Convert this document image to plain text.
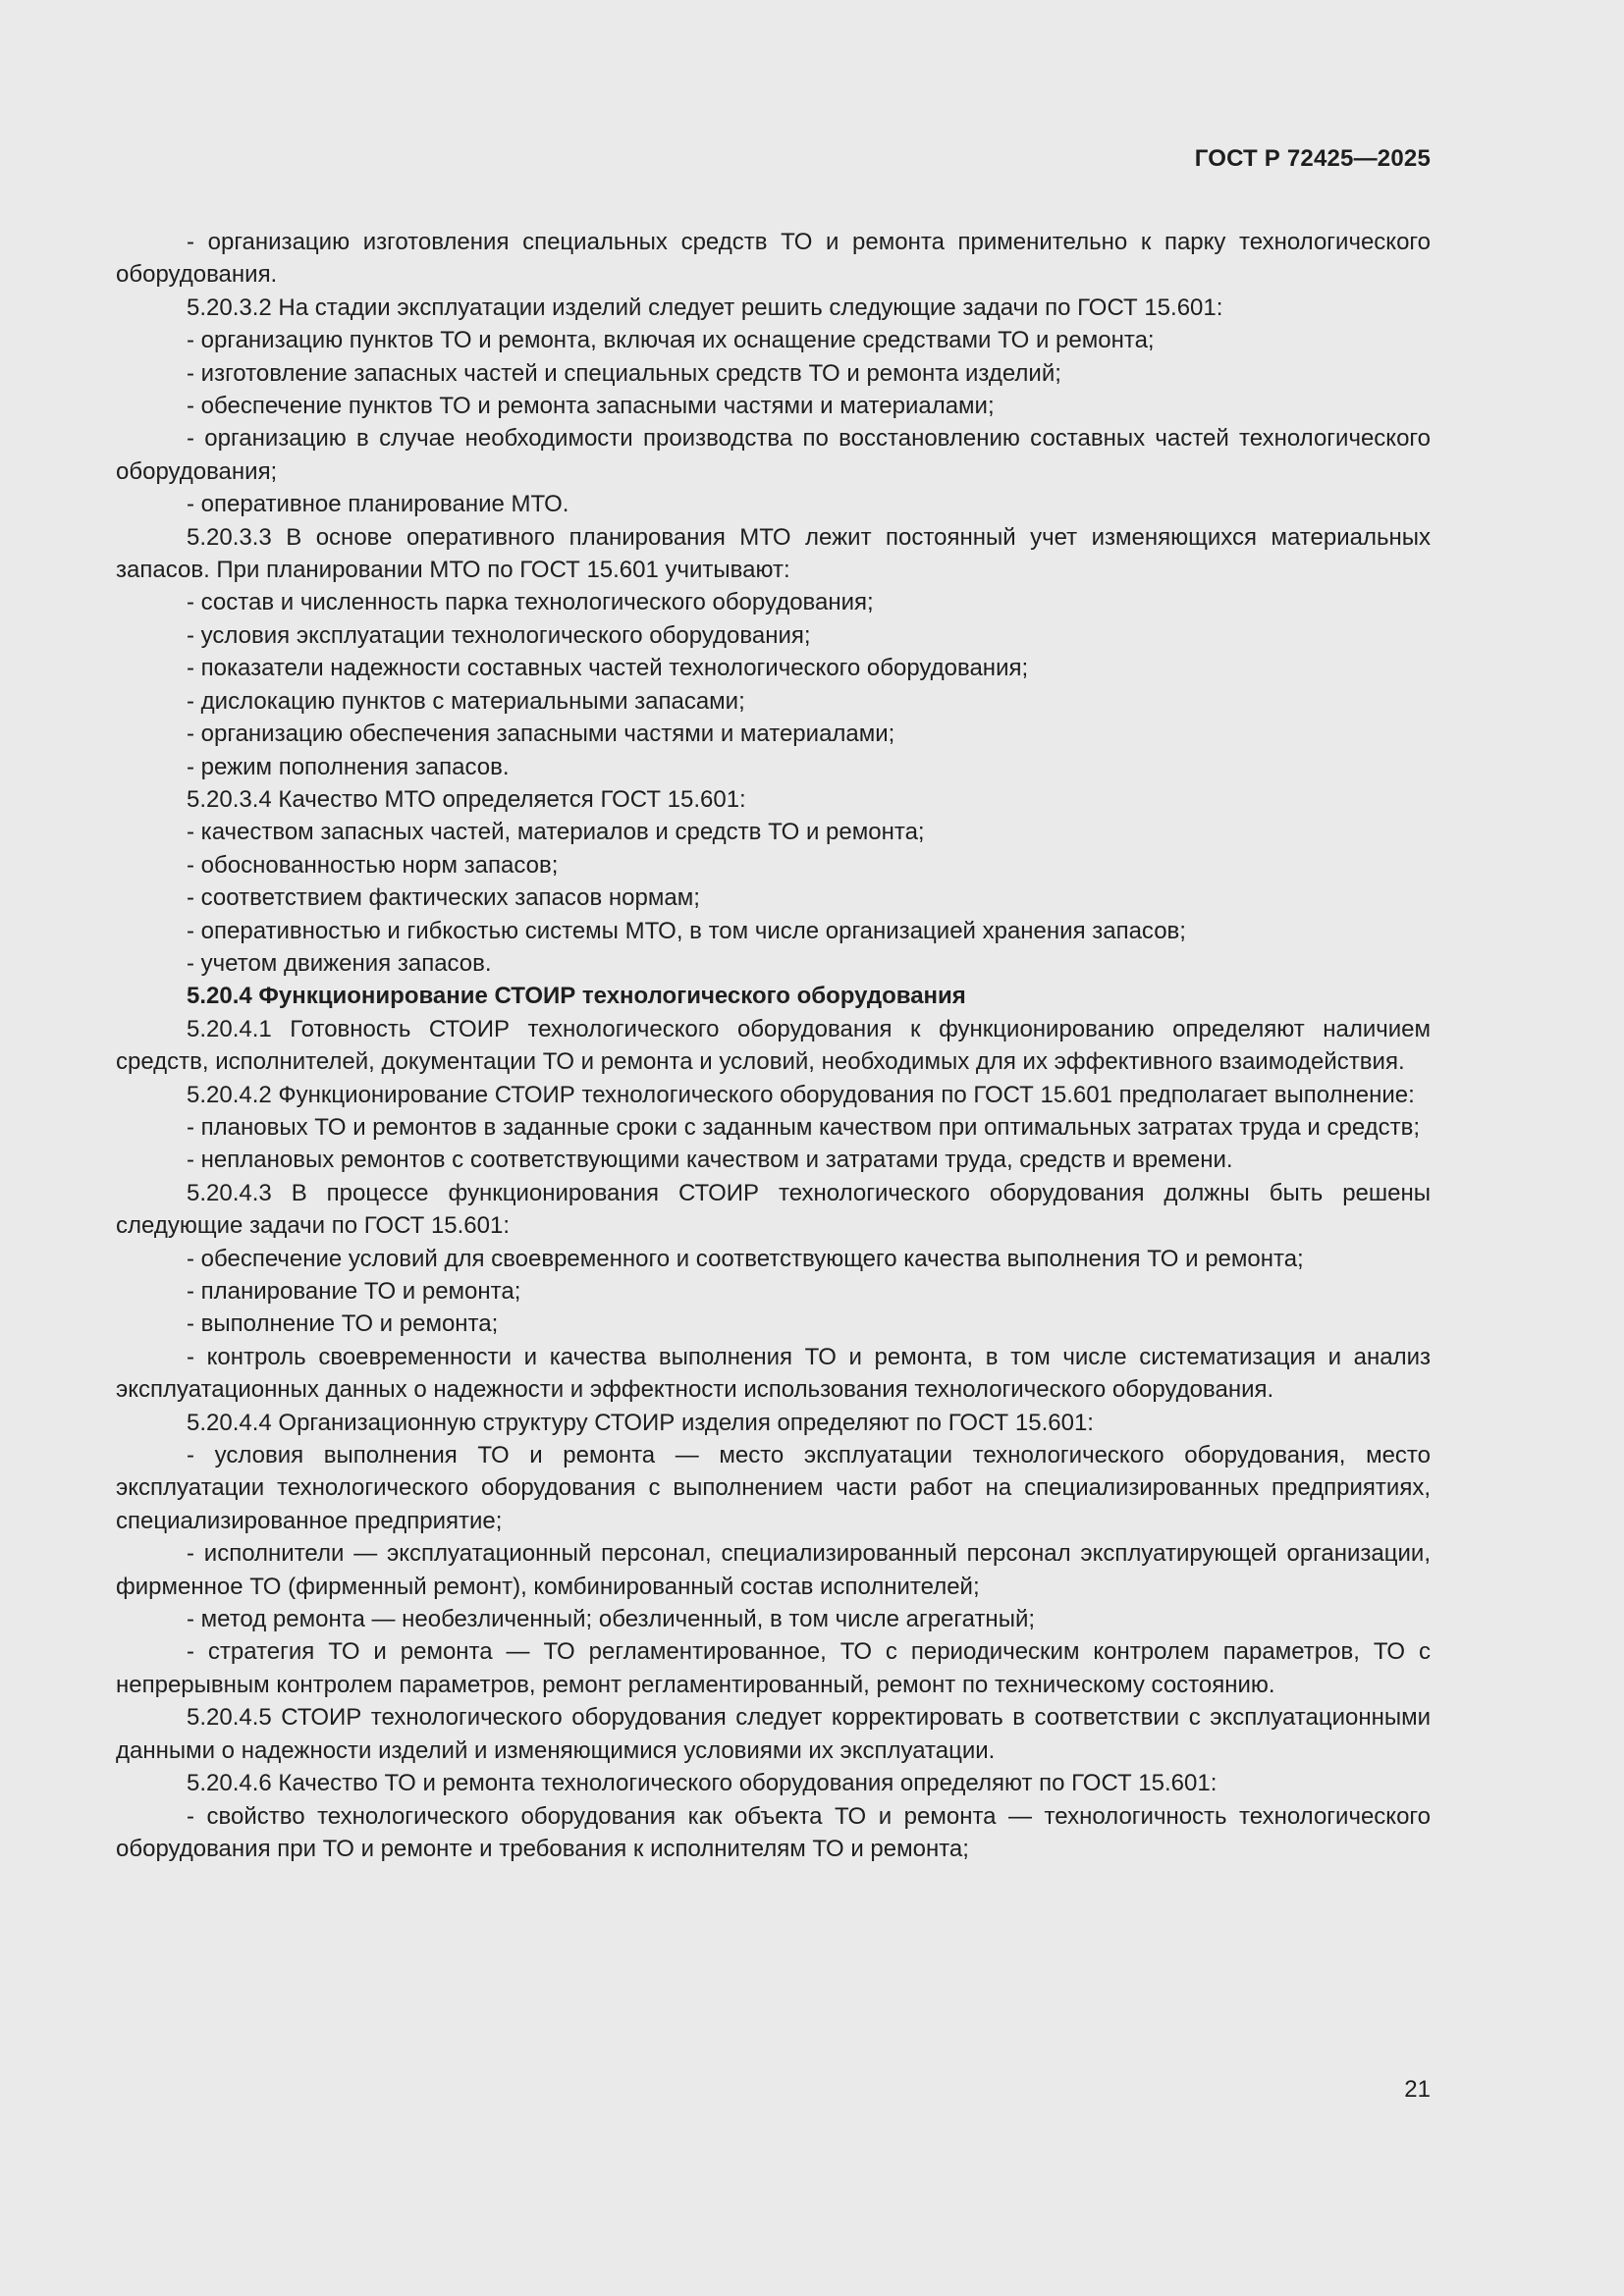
ГОСТ Р 72425—2025

- организацию изготовления специальных средств ТО и ремонта применительно к парку технологического оборудования.

5.20.3.2 На стадии эксплуатации изделий следует решить следующие задачи по ГОСТ 15.601:

- организацию пунктов ТО и ремонта, включая их оснащение средствами ТО и ремонта;

- изготовление запасных частей и специальных средств ТО и ремонта изделий;

- обеспечение пунктов ТО и ремонта запасными частями и материалами;

- организацию в случае необходимости производства по восстановлению составных частей технологического оборудования;

- оперативное планирование МТО.

5.20.3.3 В основе оперативного планирования МТО лежит постоянный учет изменяющихся материальных запасов. При планировании МТО по ГОСТ 15.601 учитывают:

- состав и численность парка технологического оборудования;

- условия эксплуатации технологического оборудования;

- показатели надежности составных частей технологического оборудования;

- дислокацию пунктов с материальными запасами;

- организацию обеспечения запасными частями и материалами;

- режим пополнения запасов.

5.20.3.4 Качество МТО определяется ГОСТ 15.601:

- качеством запасных частей, материалов и средств ТО и ремонта;

- обоснованностью норм запасов;

- соответствием фактических запасов нормам;

- оперативностью и гибкостью системы МТО, в том числе организацией хранения запасов;

- учетом движения запасов.

5.20.4 Функционирование СТОИР технологического оборудования

5.20.4.1 Готовность СТОИР технологического оборудования к функционированию определяют наличием средств, исполнителей, документации ТО и ремонта и условий, необходимых для их эффективного взаимодействия.

5.20.4.2 Функционирование СТОИР технологического оборудования по ГОСТ 15.601 предполагает выполнение:

- плановых ТО и ремонтов в заданные сроки с заданным качеством при оптимальных затратах труда и средств;

- неплановых ремонтов с соответствующими качеством и затратами труда, средств и времени.

5.20.4.3 В процессе функционирования СТОИР технологического оборудования должны быть решены следующие задачи по ГОСТ 15.601:

- обеспечение условий для своевременного и соответствующего качества выполнения ТО и ремонта;

- планирование ТО и ремонта;

- выполнение ТО и ремонта;

- контроль своевременности и качества выполнения ТО и ремонта, в том числе систематизация и анализ эксплуатационных данных о надежности и эффектности использования технологического оборудования.

5.20.4.4 Организационную структуру СТОИР изделия определяют по ГОСТ 15.601:

- условия выполнения ТО и ремонта — место эксплуатации технологического оборудования, место эксплуатации технологического оборудования с выполнением части работ на специализированных предприятиях, специализированное предприятие;

- исполнители — эксплуатационный персонал, специализированный персонал эксплуатирующей организации, фирменное ТО (фирменный ремонт), комбинированный состав исполнителей;

- метод ремонта — необезличенный; обезличенный, в том числе агрегатный;

- стратегия ТО и ремонта — ТО регламентированное, ТО с периодическим контролем параметров, ТО с непрерывным контролем параметров, ремонт регламентированный, ремонт по техническому состоянию.

5.20.4.5 СТОИР технологического оборудования следует корректировать в соответствии с эксплуатационными данными о надежности изделий и изменяющимися условиями их эксплуатации.

5.20.4.6 Качество ТО и ремонта технологического оборудования определяют по ГОСТ 15.601:

- свойство технологического оборудования как объекта ТО и ремонта — технологичность технологического оборудования при ТО и ремонте и требования к исполнителям ТО и ремонта;

21
